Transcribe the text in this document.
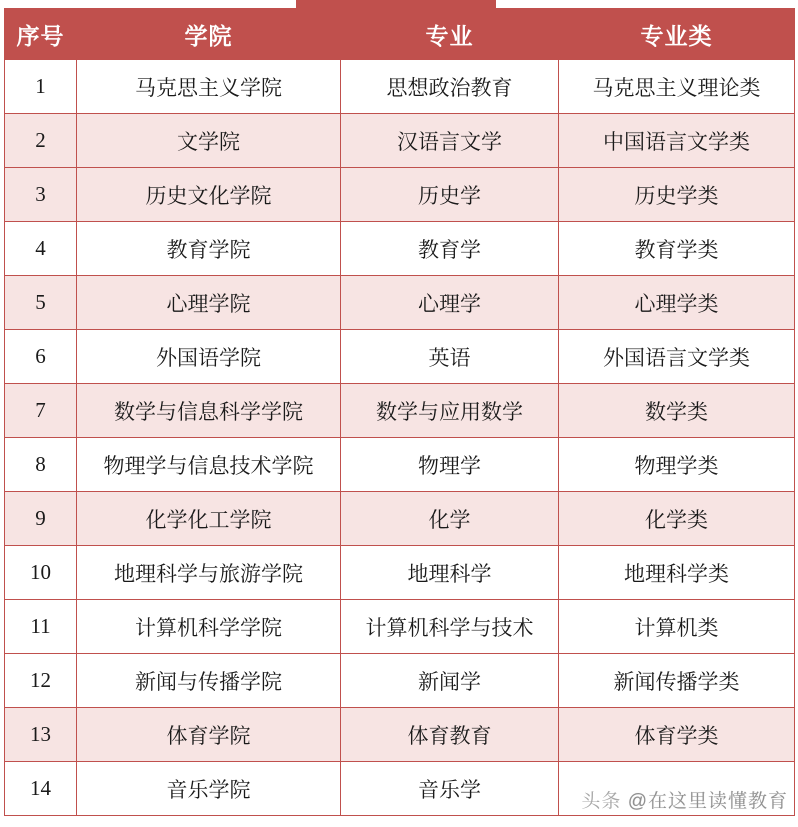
序号	学院	专业	专业类
1	马克思主义学院	思想政治教育	马克思主义理论类
2	文学院	汉语言文学	中国语言文学类
3	历史文化学院	历史学	历史学类
4	教育学院	教育学	教育学类
5	心理学院	心理学	心理学类
6	外国语学院	英语	外国语言文学类
7	数学与信息科学学院	数学与应用数学	数学类
8	物理学与信息技术学院	物理学	物理学类
9	化学化工学院	化学	化学类
10	地理科学与旅游学院	地理科学	地理科学类
11	计算机科学学院	计算机科学与技术	计算机类
12	新闻与传播学院	新闻学	新闻传播学类
13	体育学院	体育教育	体育学类
14	音乐学院	音乐学		头条 @在这里读懂教育
